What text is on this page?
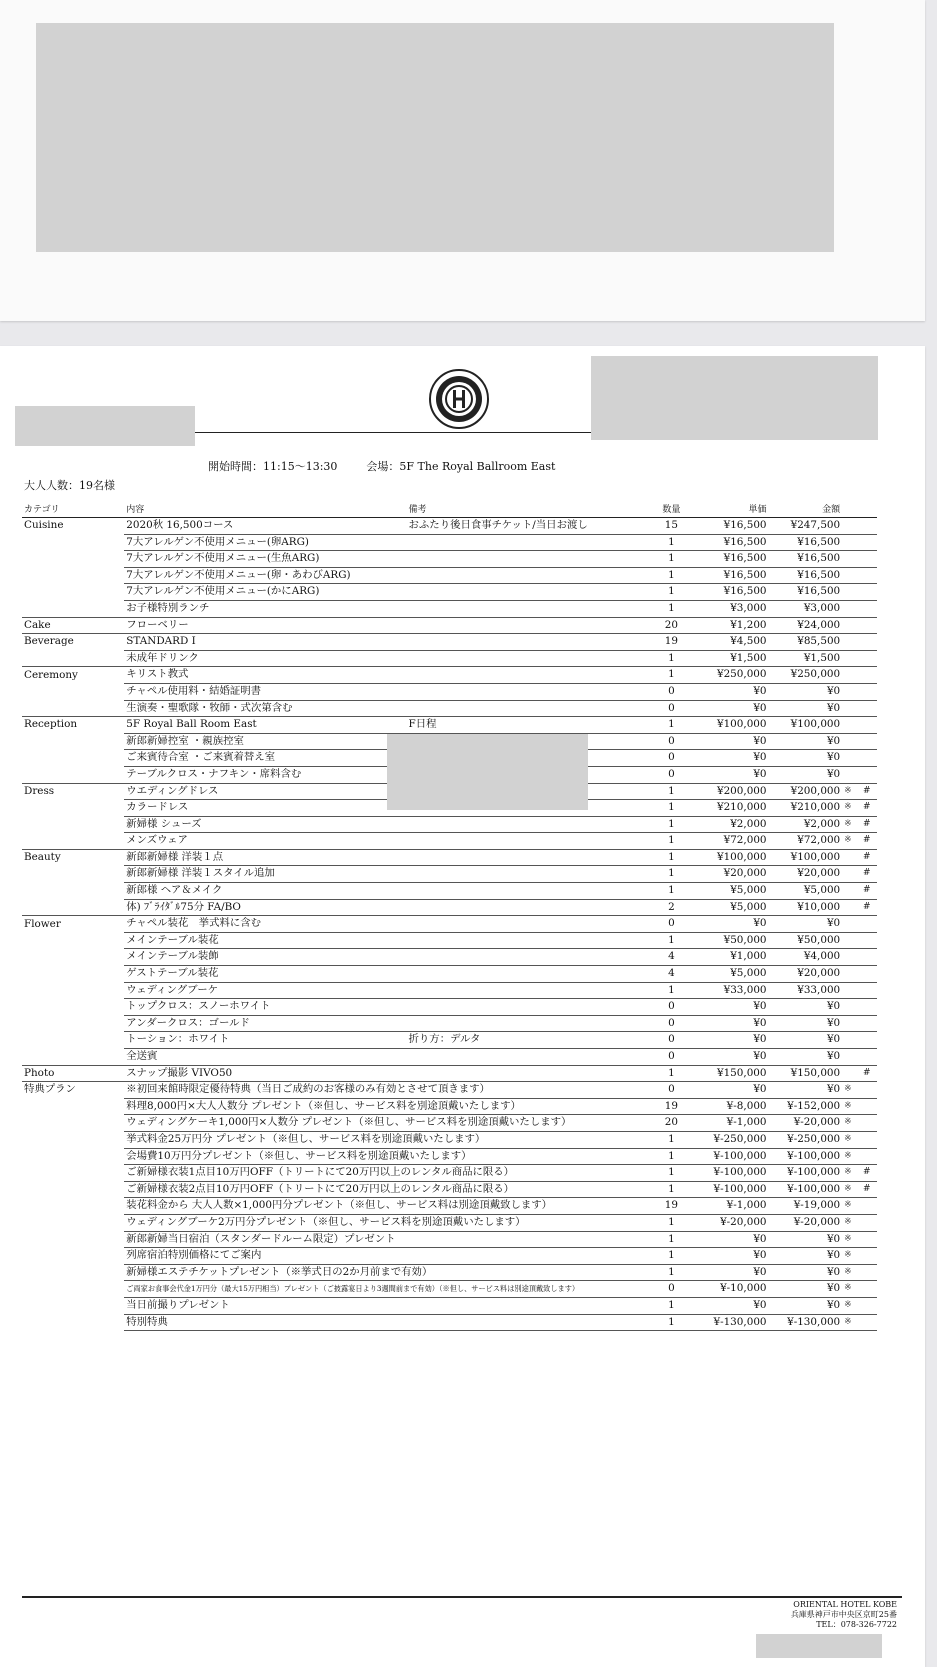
開始時間：11:15～13:30	会場：5F The Royal Ballroom East
大人人数：19名様
カテゴリ	内容	備考	数量	単価	金額		
Cuisine	2020秋 16,500コース	おふたり後日食事チケット/当日お渡し	15	¥16,500	¥247,500		
	7大アレルゲン不使用メニュー(卵ARG)		1	¥16,500	¥16,500		
	7大アレルゲン不使用メニュー(生魚ARG)		1	¥16,500	¥16,500		
	7大アレルゲン不使用メニュー(卵・あわびARG)		1	¥16,500	¥16,500		
	7大アレルゲン不使用メニュー(かにARG)		1	¥16,500	¥16,500		
	お子様特別ランチ		1	¥3,000	¥3,000		
Cake	フローベリー		20	¥1,200	¥24,000		
Beverage	STANDARD I		19	¥4,500	¥85,500		
	未成年ドリンク		1	¥1,500	¥1,500		
Ceremony	キリスト教式		1	¥250,000	¥250,000		
	チャペル使用料・結婚証明書		0	¥0	¥0		
	生演奏・聖歌隊・牧師・式次第含む		0	¥0	¥0		
Reception	5F Royal Ball Room East	F日程	1	¥100,000	¥100,000		
	新郎新婦控室 ・親族控室		0	¥0	¥0		
	ご来賓待合室 ・ご来賓着替え室		0	¥0	¥0		
	テーブルクロス・ナフキン・席料含む		0	¥0	¥0		
Dress	ウエディングドレス		1	¥200,000	¥200,000	※	#
	カラードレス		1	¥210,000	¥210,000	※	#
	新婦様 シューズ		1	¥2,000	¥2,000	※	#
	メンズウェア		1	¥72,000	¥72,000	※	#
Beauty	新郎新婦様 洋装１点		1	¥100,000	¥100,000		#
	新郎新婦様 洋装１スタイル追加		1	¥20,000	¥20,000		#
	新郎様 ヘア＆メイク		1	¥5,000	¥5,000		#
	体) ﾌﾞﾗｲﾀﾞﾙ75分 FA/BO		2	¥5,000	¥10,000		#
Flower	チャペル装花　挙式料に含む		0	¥0	¥0		
	メインテーブル装花		1	¥50,000	¥50,000		
	メインテーブル装飾		4	¥1,000	¥4,000		
	ゲストテーブル装花		4	¥5,000	¥20,000		
	ウェディングブーケ		1	¥33,000	¥33,000		
	トップクロス：スノーホワイト		0	¥0	¥0		
	アンダークロス：ゴールド		0	¥0	¥0		
	トーション：ホワイト	折り方：デルタ	0	¥0	¥0		
	全送賓		0	¥0	¥0		
Photo	スナップ撮影 VIVO50		1	¥150,000	¥150,000		#
特典プラン	※初回来館時限定優待特典（当日ご成約のお客様のみ有効とさせて頂きます）		0	¥0	¥0	※	
	料理8,000円×大人人数分 プレゼント（※但し、サービス料を別途頂戴いたします）		19	¥-8,000	¥-152,000	※	
	ウェディングケーキ1,000円×人数分 プレゼント（※但し、サービス料を別途頂戴いたします）		20	¥-1,000	¥-20,000	※	
	挙式料金25万円分 プレゼント（※但し、サービス料を別途頂戴いたします）		1	¥-250,000	¥-250,000	※	
	会場費10万円分プレゼント（※但し、サービス料を別途頂戴いたします）		1	¥-100,000	¥-100,000	※	
	ご新婦様衣装1点目10万円OFF（トリートにて20万円以上のレンタル商品に限る）		1	¥-100,000	¥-100,000	※	#
	ご新婦様衣装2点目10万円OFF（トリートにて20万円以上のレンタル商品に限る）		1	¥-100,000	¥-100,000	※	#
	装花料金から 大人人数×1,000円分プレゼント（※但し、サービス料は別途頂戴致します）		19	¥-1,000	¥-19,000	※	
	ウェディングブーケ2万円分プレゼント（※但し、サービス料を別途頂戴いたします）		1	¥-20,000	¥-20,000	※	
	新郎新婦当日宿泊（スタンダードルーム限定）プレゼント		1	¥0	¥0	※	
	列席宿泊特別価格にてご案内		1	¥0	¥0	※	
	新婦様エステチケットプレゼント（※挙式日の2か月前まで有効）		1	¥0	¥0	※	
	ご両家お食事会代金1万円分（最大15万円相当）プレゼント（ご披露宴日より3週間前まで有効）（※但し、サービス料は別途頂戴致します）		0	¥-10,000	¥0	※	
	当日前撮りプレゼント		1	¥0	¥0	※	
	特別特典		1	¥-130,000	¥-130,000	※	
ORIENTAL HOTEL KOBE
兵庫県神戸市中央区京町25番
TEL：078-326-7722
